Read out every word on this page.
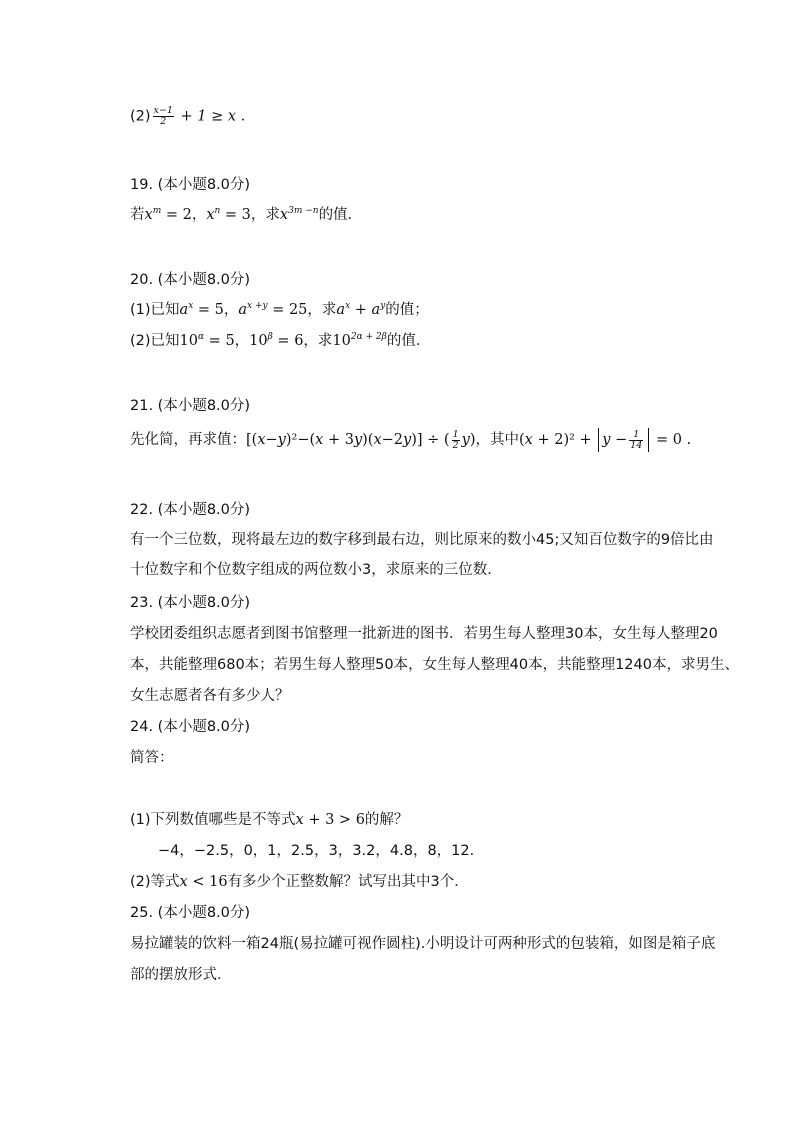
$(2) \frac{x-1}{2} + 1 \ge x$ .
19. (本小题8.0分)
若$x^m = 2$，$x^n = 3$，求$x^{3m -n}$的值．
20. (本小题8.0分)
(1)已知$a^x = 5$，$a^{x +y} = 25$，求$a^x + a^y$的值；
(2)已知$10^\alpha = 5$，$10^\beta = 6$，求$10^{2\alpha + 2\beta}$的值．
21. (本小题8.0分)
先化简，再求值：[(x−y)²−(x + 3y)(x−2y)] ÷ ( $\frac{1}{2} y$)，其中$(x + 2)^2 + y - \frac{1}{14} = 0$ .
22. (本小题8.0分)
有一个三位数，现将最左边的数字移到最右边，则比原来的数小45;又知百位数字的9倍比由
十位数字和个位数字组成的两位数小3，求原来的三位数．
23. (本小题8.0分)
学校团委组织志愿者到图书馆整理一批新进的图书．若男生每人整理30本，女生每人整理20
本，共能整理680本；若男生每人整理50本，女生每人整理40本，共能整理1240本，求男生、
女生志愿者各有多少人？
24. (本小题8.0分)
简答：
(1)下列数值哪些是不等式x + 3 > 6的解？
−4，−2.5，0，1，2.5，3，3.2，4.8，8，12．
(2)等式x < 16有多少个正整数解？试写出其中3个．
25. (本小题8.0分)
易拉罐装的饮料一箱24瓶(易拉罐可视作圆柱).小明设计可两种形式的包装箱，如图是箱子底
部的摆放形式．
